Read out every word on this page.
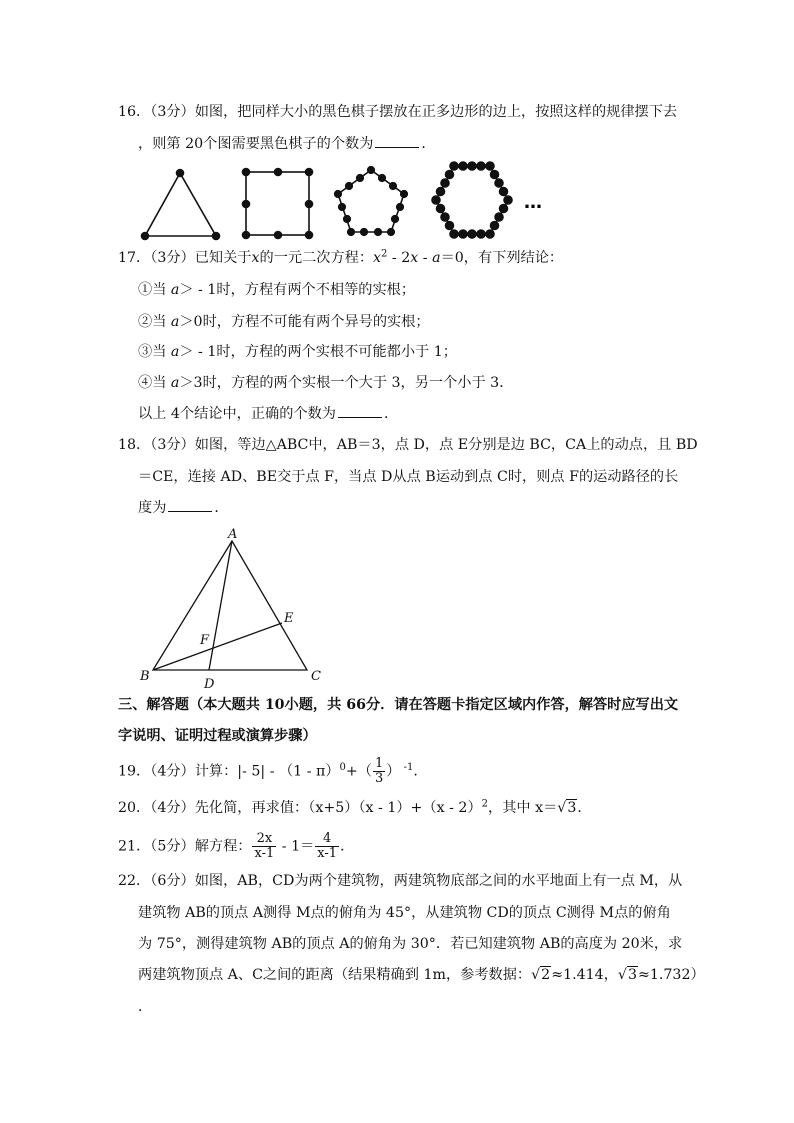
16．（3分）如图，把同样大小的黑色棋子摆放在正多边形的边上，按照这样的规律摆下去
，则第 20个图需要黑色棋子的个数为	．
…
A
B	C
D
E
F
17．（3分）已知关于x的一元二次方程：$x^2 - 2x - a=0$，有下列结论：
①当 a＞ - 1时，方程有两个不相等的实根；
②当 a＞0时，方程不可能有两个异号的实根；
③当 a＞ - 1时，方程的两个实根不可能都小于 1；
④当 a＞3时，方程的两个实根一个大于 3，另一个小于 3．
以上 4个结论中，正确的个数为	．
18．（3分）如图，等边△ABC中，AB＝3，点 D，点 E分别是边 BC，CA上的动点，且 BD
＝CE，连接 AD、BE交于点 F，当点 D从点 B运动到点 C时，则点 F的运动路径的长
度为	．
三、解答题（本大题共 10小题，共 66分．请在答题卡指定区域内作答，解答时应写出文
字说明、证明过程或演算步骤）
19．（4分）计算：|- $5| - (1 - \pi)^0+( \frac{1}{3}$ ） $^{-1}$．
20．（4分）先化简，再求值：（x+5）（x - 1）+（x - 2）$^2$，其中 x＝√3．
21．（5分）解方程： $\frac{2x}{x-1} - 1= \frac{4}{x-1}$ ．
22．（6分）如图，AB，CD为两个建筑物，两建筑物底部之间的水平地面上有一点 M，从
建筑物 AB的顶点 A测得 M点的俯角为 45°，从建筑物 CD的顶点 C测得 M点的俯角
为 75°，测得建筑物 AB的顶点 A的俯角为 30°．若已知建筑物 AB的高度为 20米，求
两建筑物顶点 A、C之间的距离（结果精确到 1m，参考数据：√2≈1.414，√3≈1.732）
．
